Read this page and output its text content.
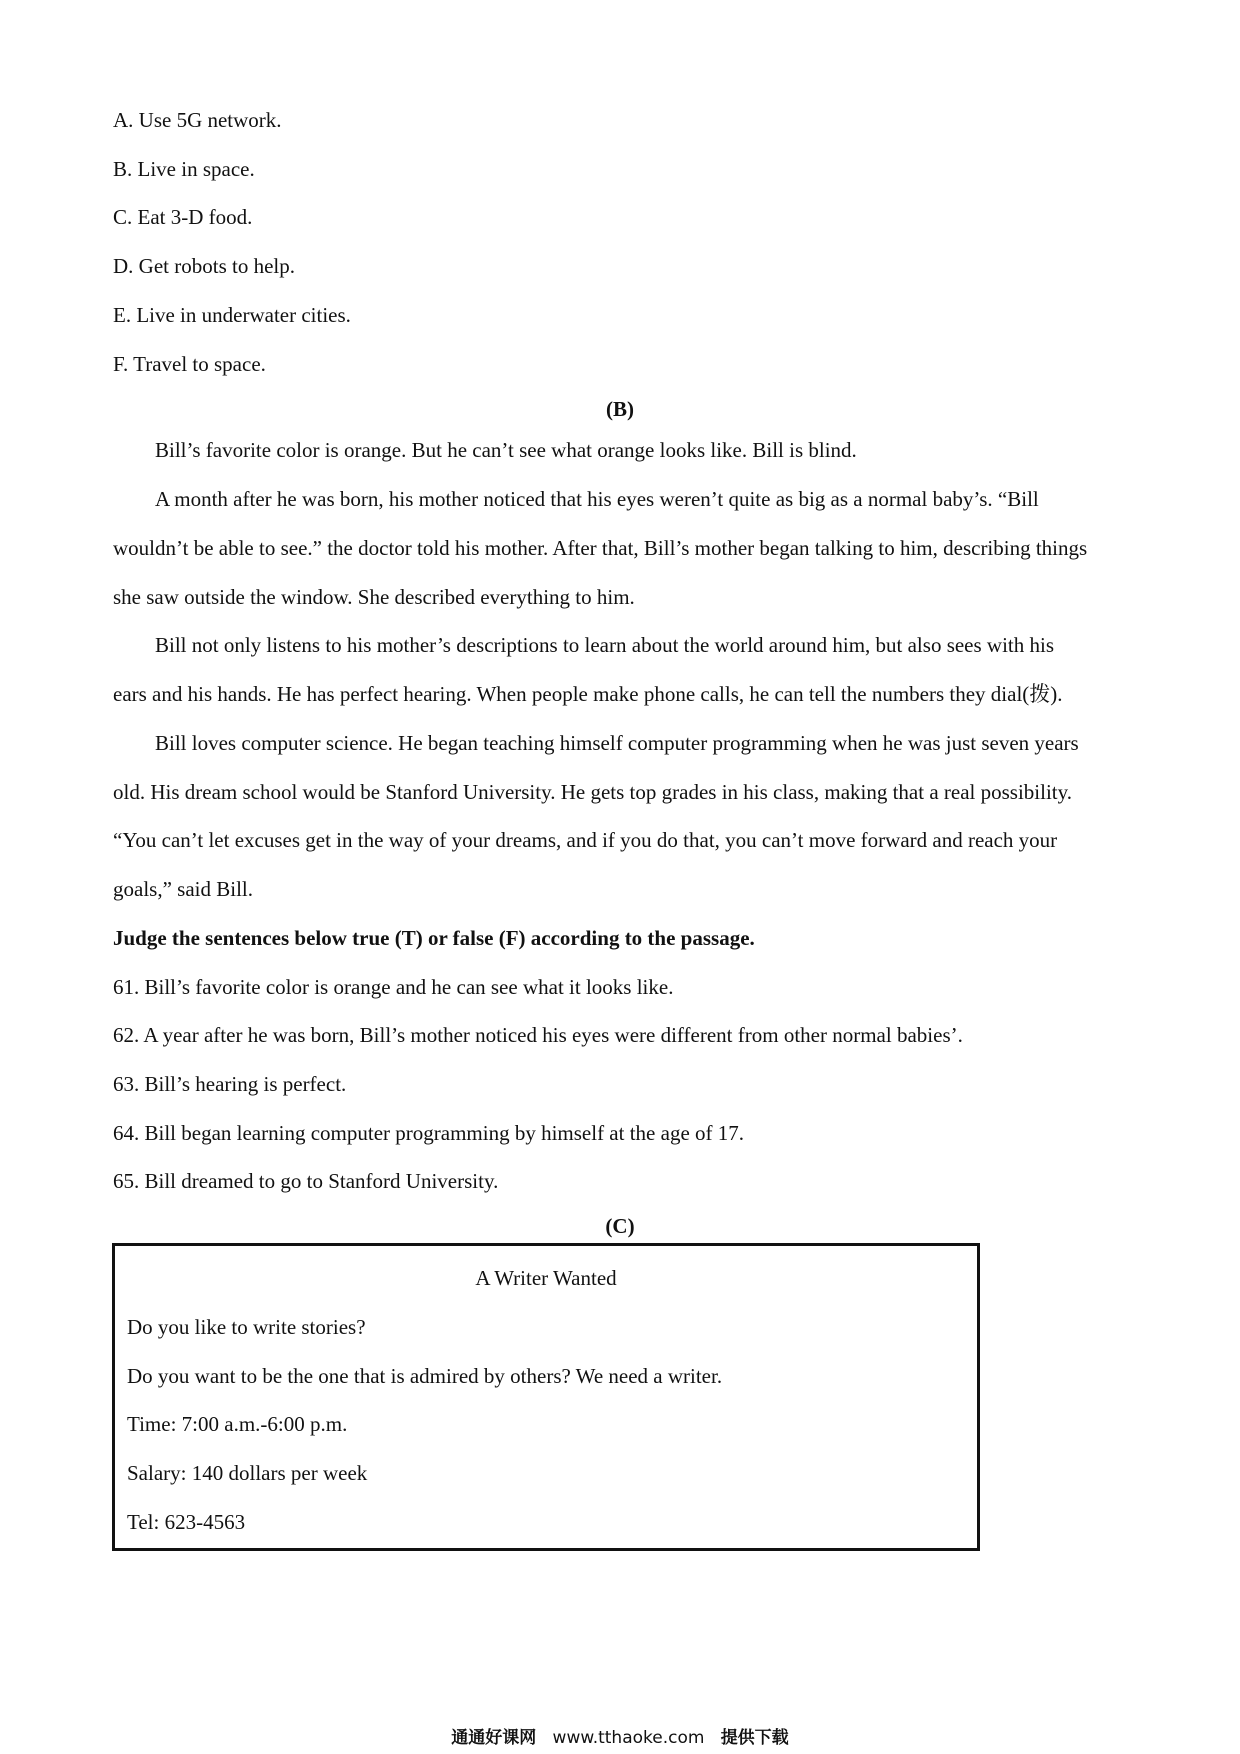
A. Use 5G network.
B. Live in space.
C. Eat 3-D food.
D. Get robots to help.
E. Live in underwater cities.
F. Travel to space.
(B)
Bill’s favorite color is orange. But he can’t see what orange looks like. Bill is blind.
A month after he was born, his mother noticed that his eyes weren’t quite as big as a normal baby’s. “Bill
wouldn’t be able to see.” the doctor told his mother. After that, Bill’s mother began talking to him, describing things
she saw outside the window. She described everything to him.
Bill not only listens to his mother’s descriptions to learn about the world around him, but also sees with his
ears and his hands. He has perfect hearing. When people make phone calls, he can tell the numbers they dial(拨).
Bill loves computer science. He began teaching himself computer programming when he was just seven years
old. His dream school would be Stanford University. He gets top grades in his class, making that a real possibility.
“You can’t let excuses get in the way of your dreams, and if you do that, you can’t move forward and reach your
goals,” said Bill.
Judge the sentences below true (T) or false (F) according to the passage.
61. Bill’s favorite color is orange and he can see what it looks like.
62. A year after he was born, Bill’s mother noticed his eyes were different from other normal babies’.
63. Bill’s hearing is perfect.
64. Bill began learning computer programming by himself at the age of 17.
65. Bill dreamed to go to Stanford University.
(C)
A Writer Wanted
Do you like to write stories?
Do you want to be the one that is admired by others? We need a writer.
Time: 7:00 a.m.-6:00 p.m.
Salary: 140 dollars per week
Tel: 623-4563
通通好课网 www.tthaoke.com 提供下载
